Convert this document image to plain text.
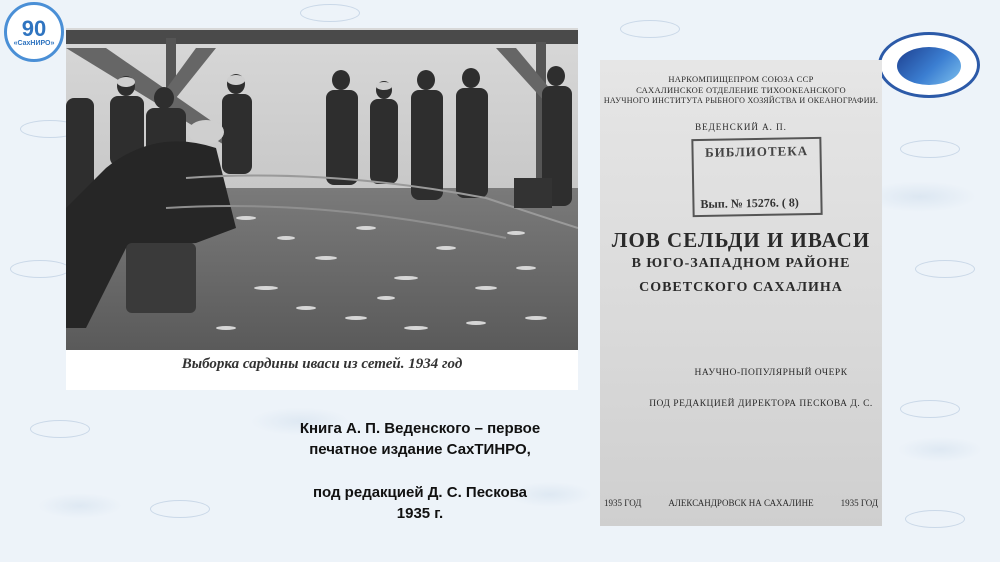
90
«СахНИРО»
Выборка сардины иваси из сетей. 1934 год
НАРКОМПИЩЕПРОМ СОЮЗА ССР
САХАЛИНСКОЕ ОТДЕЛЕНИЕ ТИХООКЕАНСКОГО
НАУЧНОГО ИНСТИТУТА РЫБНОГО ХОЗЯЙСТВА И ОКЕАНОГРАФИИ.
ВЕДЕНСКИЙ А. П.
БИБЛИОТЕКА
Вып. № 15276. ( 8)
ЛОВ СЕЛЬДИ И ИВАСИ
В ЮГО-ЗАПАДНОМ РАЙОНЕ
СОВЕТСКОГО САХАЛИНА
НАУЧНО-ПОПУЛЯРНЫЙ ОЧЕРК
ПОД РЕДАКЦИЕЙ ДИРЕКТОРА ПЕСКОВА Д. С.
1935 ГОД	АЛЕКСАНДРОВСК НА САХАЛИНЕ	1935 ГОД
Книга А. П. Веденского – первое
печатное издание СахТИНРО,
под редакцией Д. С. Пескова
1935 г.
